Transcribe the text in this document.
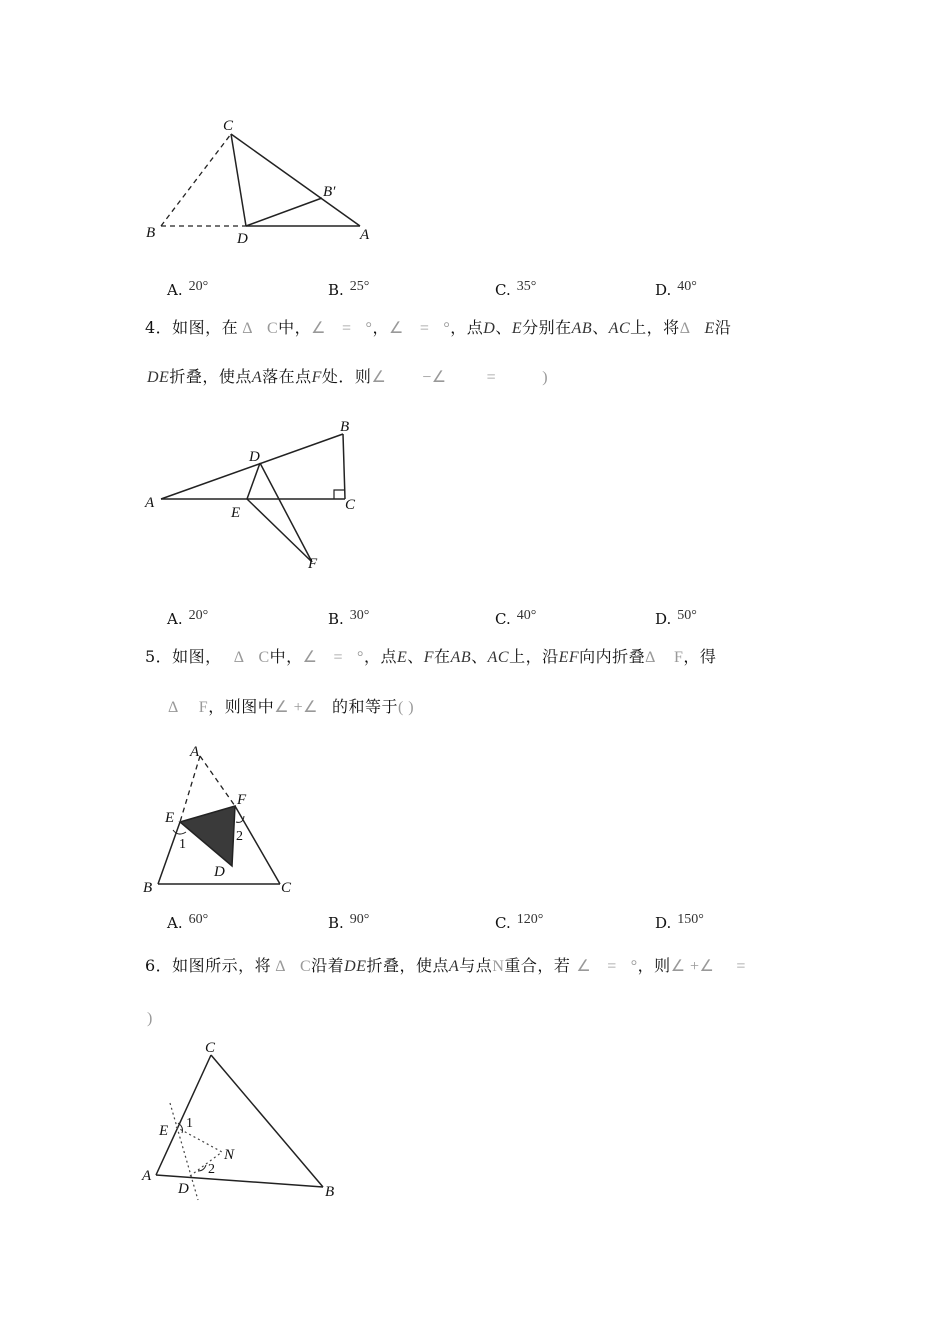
C
B′
B	D	A
A. 20°	B. 25°	C. 35°	D. 40°
4．如图，在 Δ C中，∠ = °，∠ = °，点D、E分别在AB、AC上，将Δ E沿
DE折叠，使点A落在点F处．则∠ −∠	=	)
B
D
A
E	C
F
A. 20°	B. 30°	C. 40°	D. 50°
5．如图， Δ C中，∠ = °，点E、F在AB、AC上，沿EF向内折叠Δ F，得
Δ F，则图中∠ +∠ 的和等于( )
A
E
F
1
2
D
B	C
A. 60°	B. 90°	C. 120°	D. 150°
6．如图所示，将 Δ C沿着DE折叠，使点A与点N重合，若 ∠ = °，则∠ +∠ =
)
C
E 1
N
2
A
D	B
